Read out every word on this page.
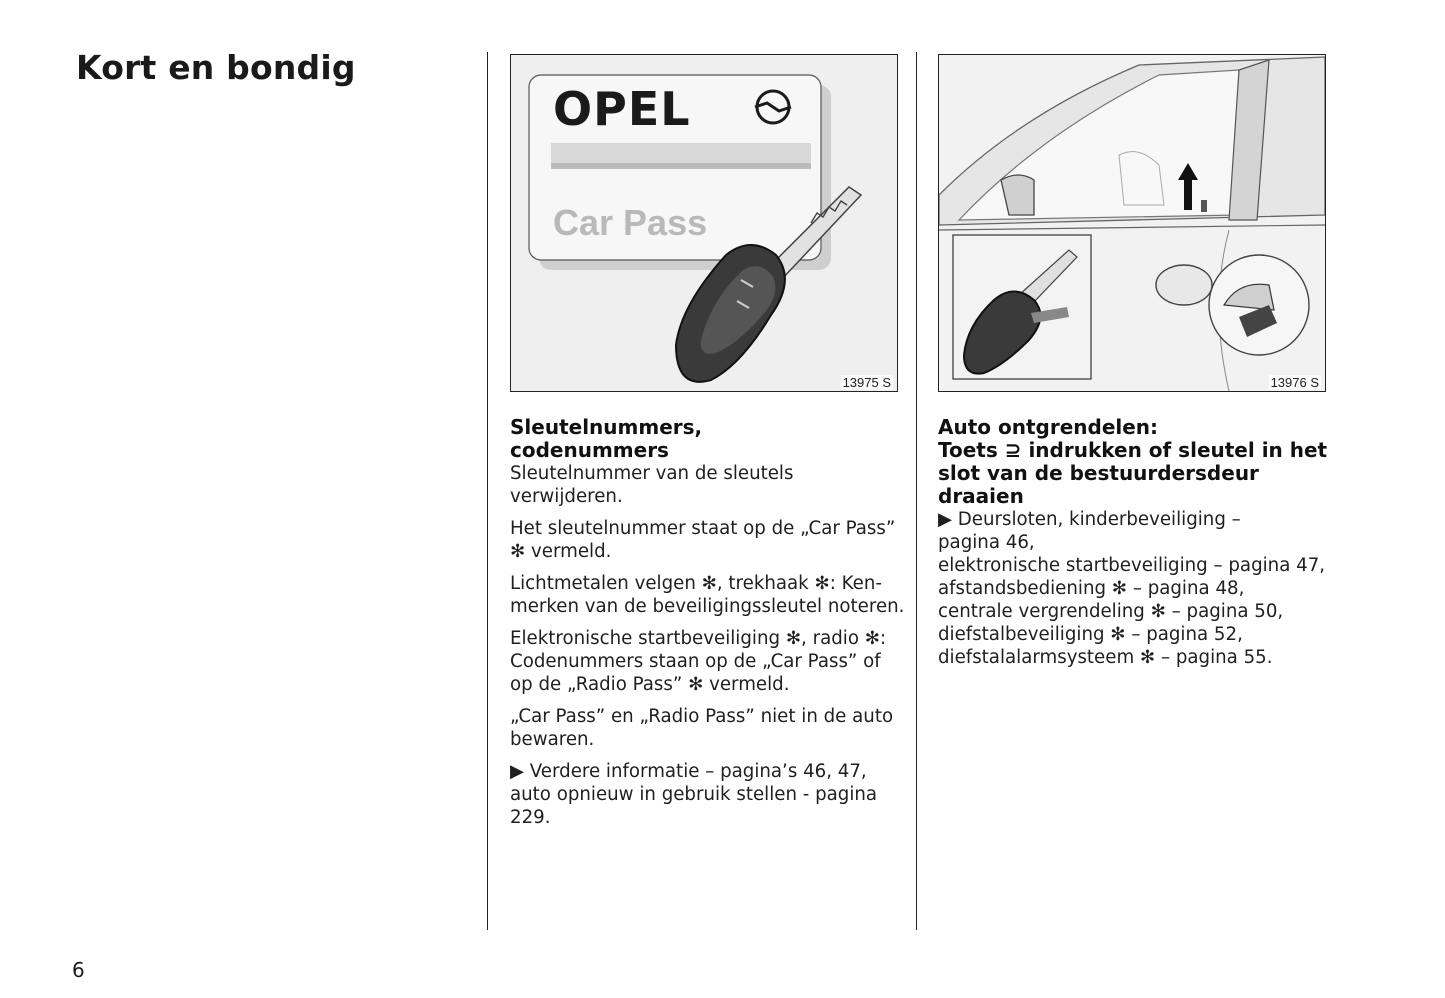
Kort en bondig
OPEL
Car Pass
13975 S	13976 S
Sleutelnummers,
codenummers

Sleutelnummer van de sleutels verwijderen.

Het sleutelnummer staat op de „Car Pass”
✻ vermeld.

Lichtmetalen velgen ✻, trekhaak ✻: Ken-
merken van de beveiligingssleutel noteren.

Elektronische startbeveiliging ✻, radio ✻:
Codenummers staan op de „Car Pass” of
op de „Radio Pass” ✻ vermeld.

„Car Pass” en „Radio Pass” niet in de auto
bewaren.

▶ Verdere informatie – pagina’s 46, 47,
auto opnieuw in gebruik stellen - pagina
229.

Auto ontgrendelen:
Toets ⊇ indrukken of sleutel in het
slot van de bestuurdersdeur draaien
▶ Deursloten, kinderbeveiliging –
pagina 46,
elektronische startbeveiliging – pagina 47,
afstandsbediening ✻ – pagina 48,
centrale vergrendeling ✻ – pagina 50,
diefstalbeveiliging ✻ – pagina 52,
diefstalalarmsysteem ✻ – pagina 55.
6
